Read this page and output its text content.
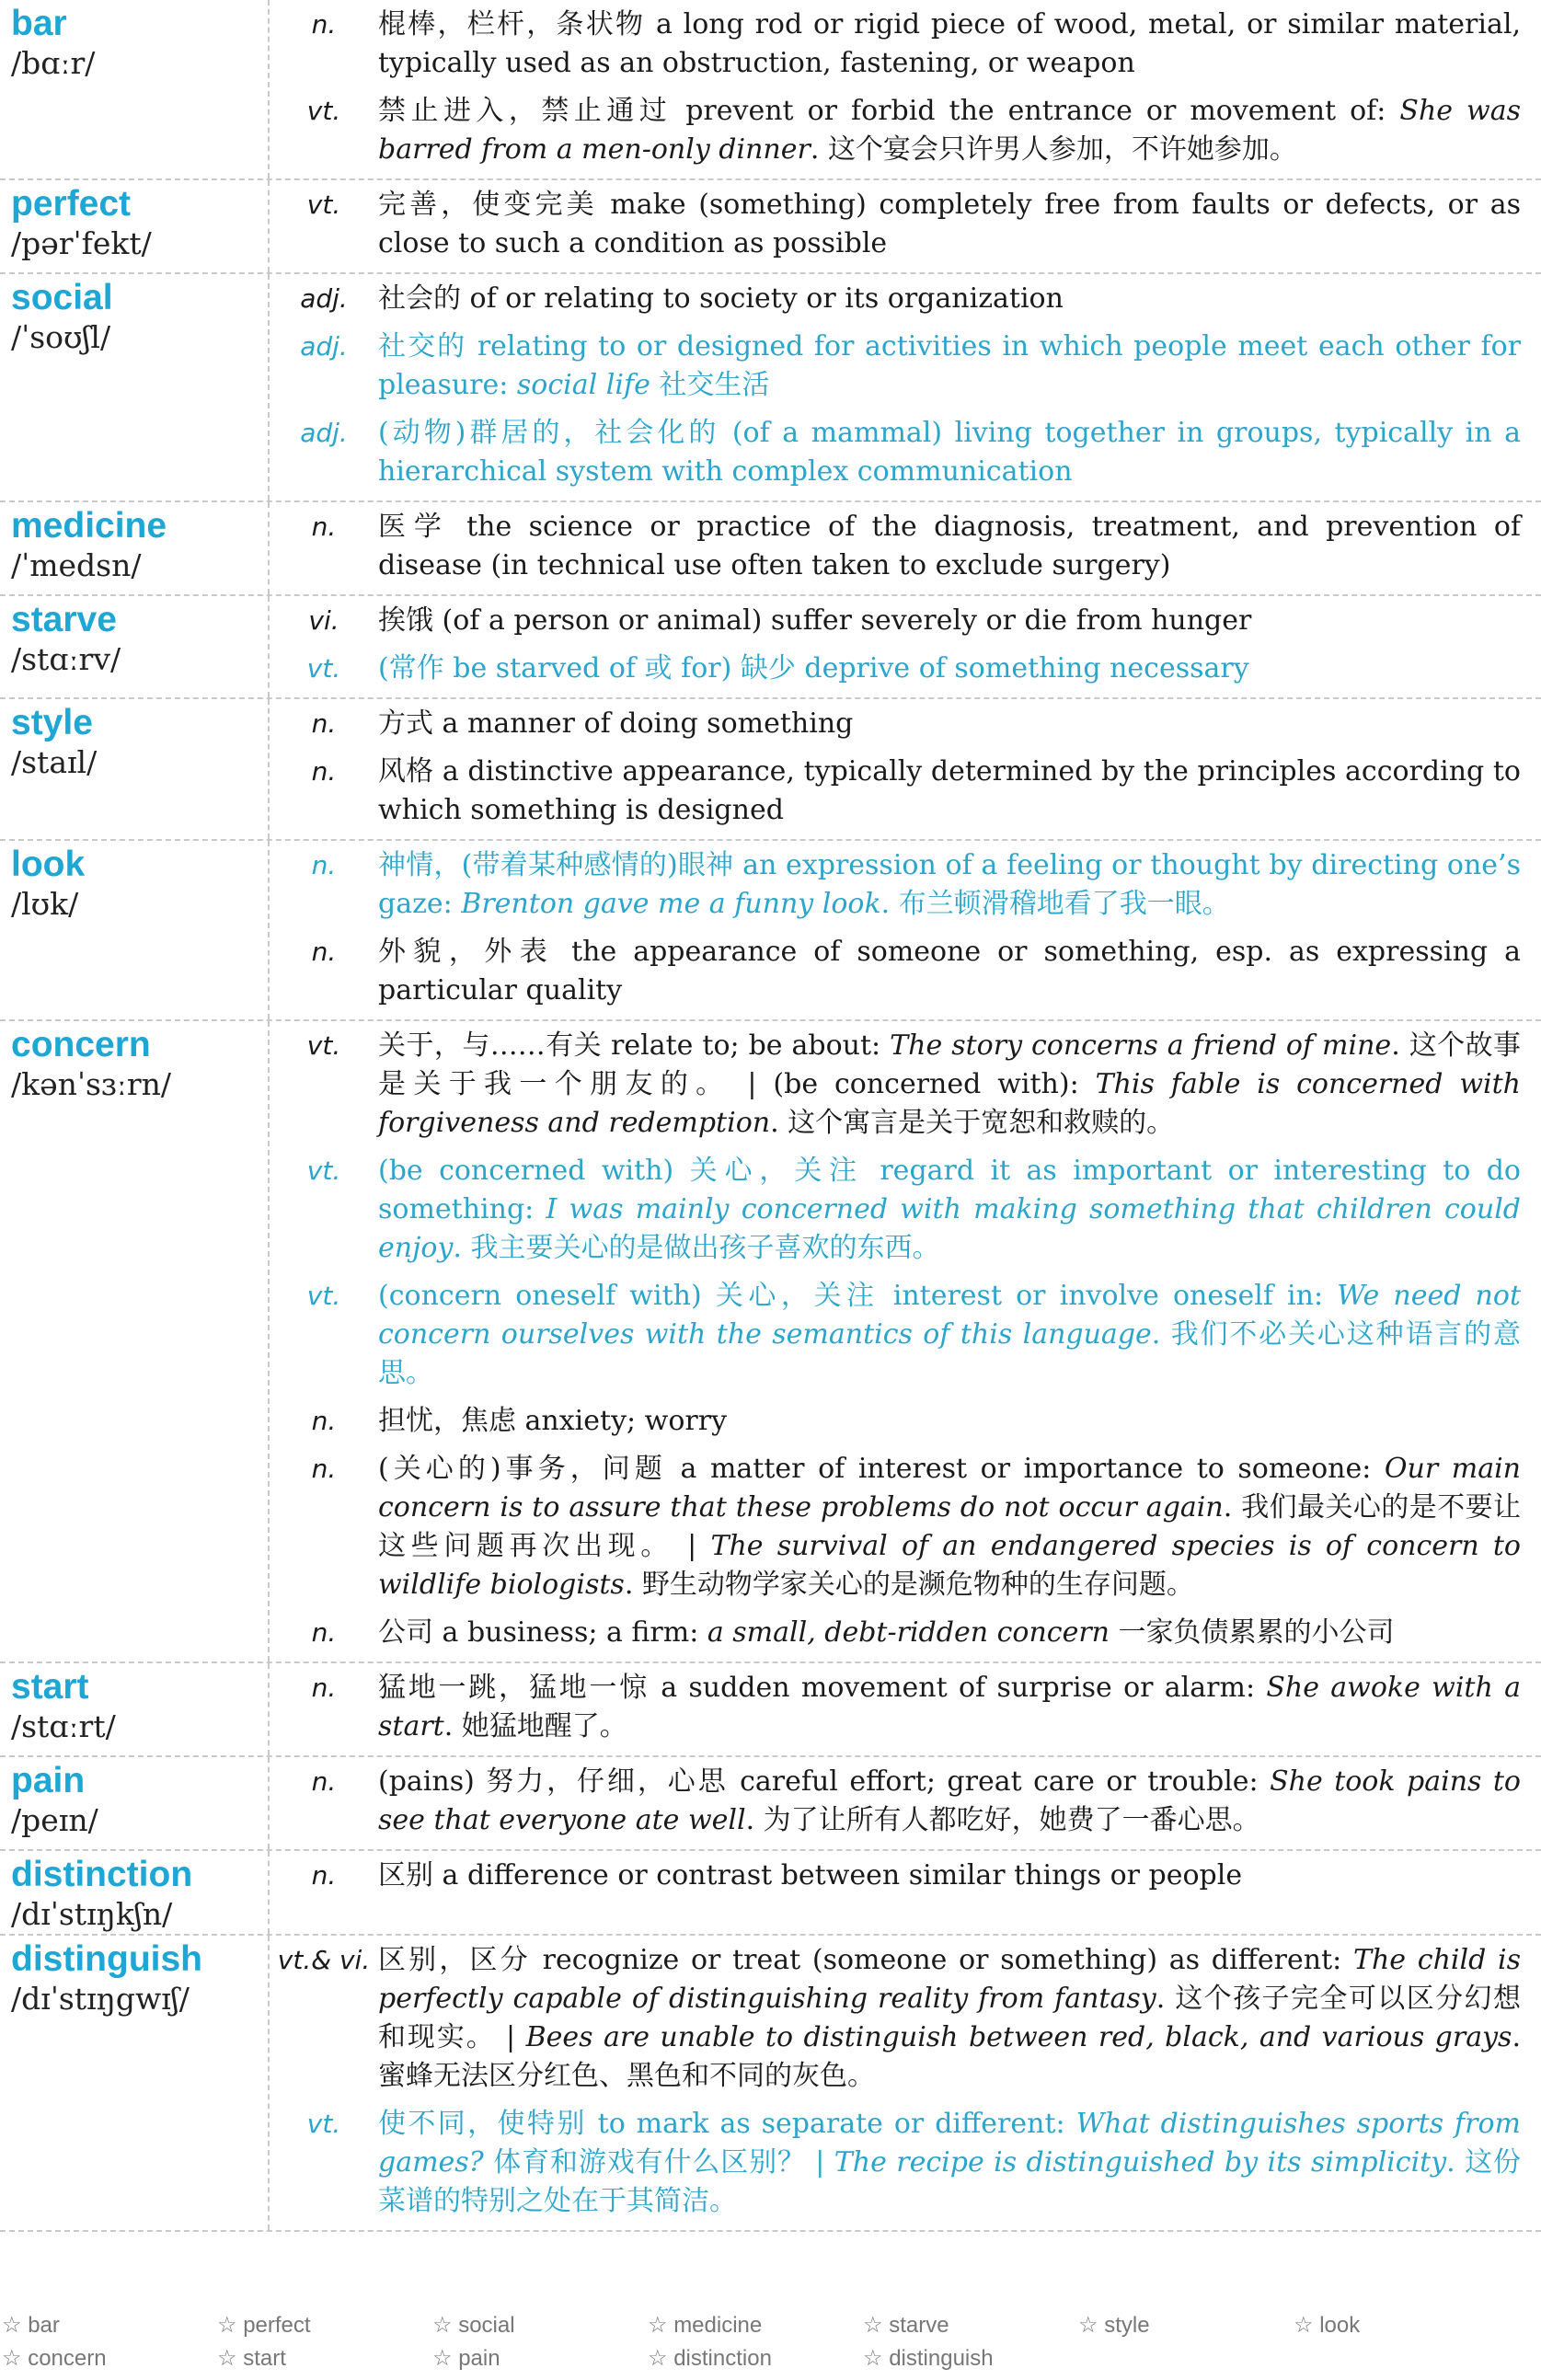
bar
/bɑːr/
n.	棍棒，栏杆，条状物 a long rod or rigid piece of wood, metal, or similar material, typically used as an obstruction, fastening, or weapon
vt.	禁止进入，禁止通过 prevent or forbid the entrance or movement of: She was barred from a men-only dinner. 这个宴会只许男人参加，不许她参加。
perfect
/pərˈfekt/
vt.	完善，使变完美 make (something) completely free from faults or defects, or as close to such a condition as possible
social
/ˈsoʊʃl/
adj.	社会的 of or relating to society or its organization
adj.	社交的 relating to or designed for activities in which people meet each other for pleasure: social life 社交生活
adj.	(动物)群居的，社会化的 (of a mammal) living together in groups, typically in a hierarchical system with complex communication
medicine
/ˈmedsn/
n.	医学 the science or practice of the diagnosis, treatment, and prevention of disease (in technical use often taken to exclude surgery)
starve
/stɑːrv/
vi.	挨饿 (of a person or animal) suffer severely or die from hunger
vt.	(常作 be starved of 或 for) 缺少 deprive of something necessary
style
/staɪl/
n.	方式 a manner of doing something
n.	风格 a distinctive appearance, typically determined by the principles according to which something is designed
look
/lʊk/
n.	神情，(带着某种感情的)眼神 an expression of a feeling or thought by directing one’s gaze: Brenton gave me a funny look. 布兰顿滑稽地看了我一眼。
n.	外貌，外表 the appearance of someone or something, esp. as expressing a particular quality
concern
/kənˈsɜːrn/
vt.	关于，与……有关 relate to; be about: The story concerns a friend of mine. 这个故事是关于我一个朋友的。 | (be concerned with): This fable is concerned with forgiveness and redemption. 这个寓言是关于宽恕和救赎的。
vt.	(be concerned with) 关心，关注 regard it as important or interesting to do something: I was mainly concerned with making something that children could enjoy. 我主要关心的是做出孩子喜欢的东西。
vt.	(concern oneself with) 关心，关注 interest or involve oneself in: We need not concern ourselves with the semantics of this language. 我们不必关心这种语言的意思。
n.	担忧，焦虑 anxiety; worry
n.	(关心的)事务，问题 a matter of interest or importance to someone: Our main concern is to assure that these problems do not occur again. 我们最关心的是不要让这些问题再次出现。 | The survival of an endangered species is of concern to wildlife biologists. 野生动物学家关心的是濒危物种的生存问题。
n.	公司 a business; a firm: a small, debt-ridden concern 一家负债累累的小公司
start
/stɑːrt/
n.	猛地一跳，猛地一惊 a sudden movement of surprise or alarm: She awoke with a start. 她猛地醒了。
pain
/peɪn/
n.	(pains) 努力，仔细，心思 careful effort; great care or trouble: She took pains to see that everyone ate well. 为了让所有人都吃好，她费了一番心思。
distinction
/dɪˈstɪŋkʃn/
n.	区别 a difference or contrast between similar things or people
distinguish
/dɪˈstɪŋgwɪʃ/
vt.& vi. 区别，区分 recognize or treat (someone or something) as different: The child is perfectly capable of distinguishing reality from fantasy. 这个孩子完全可以区分幻想和现实。 | Bees are unable to distinguish between red, black, and various grays. 蜜蜂无法区分红色、黑色和不同的灰色。
vt.	使不同，使特别 to mark as separate or different: What distinguishes sports from games? 体育和游戏有什么区别？ | The recipe is distinguished by its simplicity. 这份菜谱的特别之处在于其简洁。
☆ bar	☆ perfect	☆ social	☆ medicine	☆ starve	☆ style	☆ look
☆ concern	☆ start	☆ pain	☆ distinction	☆ distinguish
